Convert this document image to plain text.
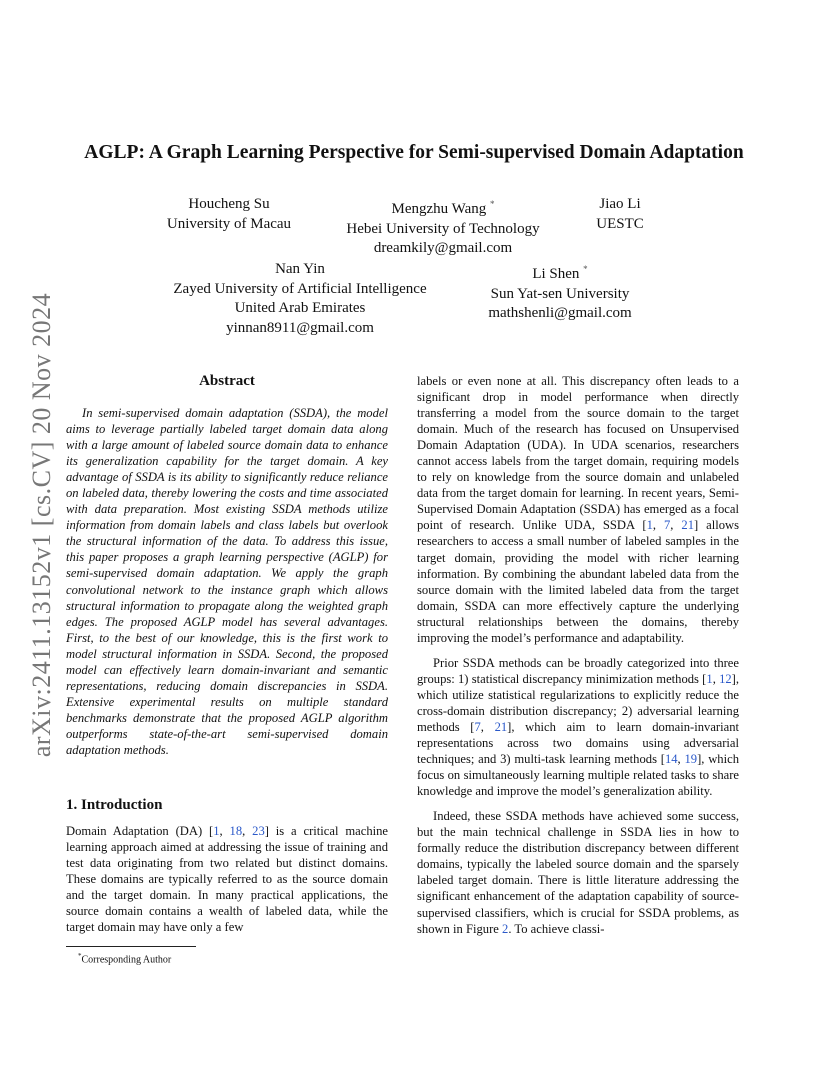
arXiv:2411.13152v1 [cs.CV] 20 Nov 2024
AGLP: A Graph Learning Perspective for Semi-supervised Domain Adaptation
Houcheng Su
University of Macau
Mengzhu Wang *
Hebei University of Technology
dreamkily@gmail.com
Jiao Li
UESTC
Nan Yin
Zayed University of Artificial Intelligence
United Arab Emirates
yinnan8911@gmail.com
Li Shen *
Sun Yat-sen University
mathshenli@gmail.com
Abstract

In semi-supervised domain adaptation (SSDA), the model aims to leverage partially labeled target domain data along with a large amount of labeled source domain data to enhance its generalization capability for the target domain. A key advantage of SSDA is its ability to significantly reduce reliance on labeled data, thereby lowering the costs and time associated with data preparation. Most existing SSDA methods utilize information from domain labels and class labels but overlook the structural information of the data. To address this issue, this paper proposes a graph learning perspective (AGLP) for semi-supervised domain adaptation. We apply the graph convolutional network to the instance graph which allows structural information to propagate along the weighted graph edges. The proposed AGLP model has several advantages. First, to the best of our knowledge, this is the first work to model structural information in SSDA. Second, the proposed model can effectively learn domain-invariant and semantic representations, reducing domain discrepancies in SSDA. Extensive experimental results on multiple standard benchmarks demonstrate that the proposed AGLP algorithm outperforms state-of-the-art semi-supervised domain adaptation methods.

1. Introduction

Domain Adaptation (DA) [1, 18, 23] is a critical machine learning approach aimed at addressing the issue of training and test data originating from two related but distinct domains. These domains are typically referred to as the source domain and the target domain. In many practical applications, the source domain contains a wealth of labeled data, while the target domain may have only a few

labels or even none at all. This discrepancy often leads to a significant drop in model performance when directly transferring a model from the source domain to the target domain. Much of the research has focused on Unsupervised Domain Adaptation (UDA). In UDA scenarios, researchers cannot access labels from the target domain, requiring models to rely on knowledge from the source domain and unlabeled data from the target domain for learning. In recent years, Semi-Supervised Domain Adaptation (SSDA) has emerged as a focal point of research. Unlike UDA, SSDA [1, 7, 21] allows researchers to access a small number of labeled samples in the target domain, providing the model with richer learning information. By combining the abundant labeled data from the source domain with the limited labeled data from the target domain, SSDA can more effectively capture the underlying structural relationships between the domains, thereby improving the model’s performance and adaptability.

Prior SSDA methods can be broadly categorized into three groups: 1) statistical discrepancy minimization methods [1, 12], which utilize statistical regularizations to explicitly reduce the cross-domain distribution discrepancy; 2) adversarial learning methods [7, 21], which aim to learn domain-invariant representations across two domains using adversarial techniques; and 3) multi-task learning methods [14, 19], which focus on simultaneously learning multiple related tasks to share knowledge and improve the model’s generalization ability.

Indeed, these SSDA methods have achieved some success, but the main technical challenge in SSDA lies in how to formally reduce the distribution discrepancy between different domains, typically the labeled source domain and the sparsely labeled target domain. There is little literature addressing the significant enhancement of the adaptation capability of source-supervised classifiers, which is crucial for SSDA problems, as shown in Figure 2. To achieve classi-

*Corresponding Author
